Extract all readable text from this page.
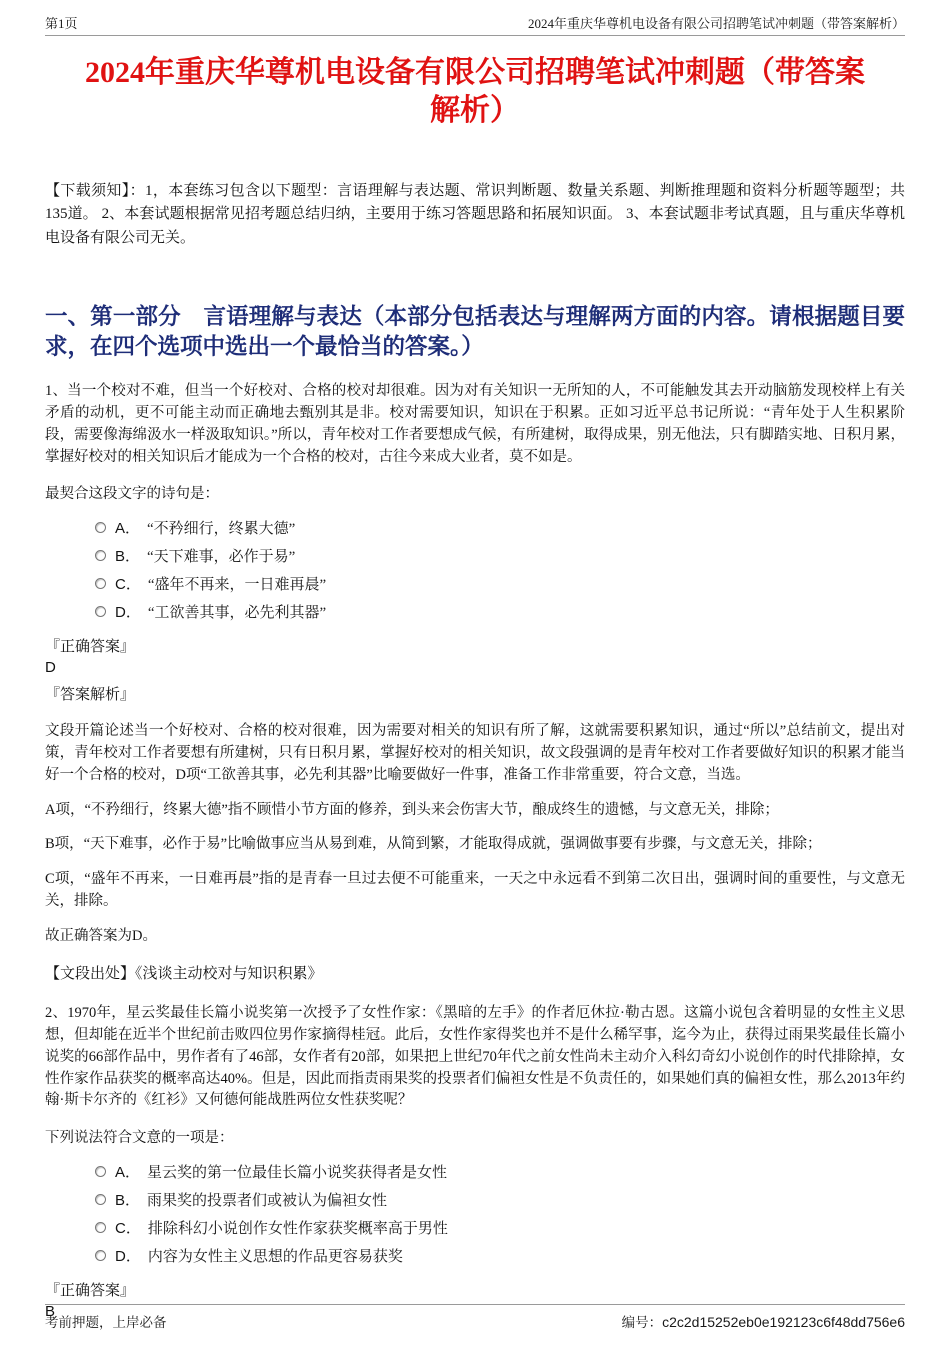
第1页	2024年重庆华尊机电设备有限公司招聘笔试冲刺题（带答案解析）
2024年重庆华尊机电设备有限公司招聘笔试冲刺题（带答案解析）

【下载须知】：1，本套练习包含以下题型：言语理解与表达题、常识判断题、数量关系题、判断推理题和资料分析题等题型；共135道。 2、本套试题根据常见招考题总结归纳，主要用于练习答题思路和拓展知识面。 3、本套试题非考试真题，且与重庆华尊机电设备有限公司无关。

一、第一部分　言语理解与表达（本部分包括表达与理解两方面的内容。请根据题目要求，在四个选项中选出一个最恰当的答案。）

1、当一个校对不难，但当一个好校对、合格的校对却很难。因为对有关知识一无所知的人，不可能触发其去开动脑筋发现校样上有关矛盾的动机，更不可能主动而正确地去甄别其是非。校对需要知识，知识在于积累。正如习近平总书记所说：“青年处于人生积累阶段，需要像海绵汲水一样汲取知识。”所以，青年校对工作者要想成气候，有所建树，取得成果，别无他法，只有脚踏实地、日积月累，掌握好校对的相关知识后才能成为一个合格的校对，古往今来成大业者，莫不如是。

最契合这段文字的诗句是：

A． “不矜细行，终累大德”
B． “天下难事，必作于易”
C． “盛年不再来，一日难再晨”
D． “工欲善其事，必先利其器”

『正确答案』

D

『答案解析』

文段开篇论述当一个好校对、合格的校对很难，因为需要对相关的知识有所了解，这就需要积累知识，通过“所以”总结前文，提出对策，青年校对工作者要想有所建树，只有日积月累，掌握好校对的相关知识，故文段强调的是青年校对工作者要做好知识的积累才能当好一个合格的校对，D项“工欲善其事，必先利其器”比喻要做好一件事，准备工作非常重要，符合文意，当选。

A项，“不矜细行，终累大德”指不顾惜小节方面的修养，到头来会伤害大节，酿成终生的遗憾，与文意无关，排除；

B项，“天下难事，必作于易”比喻做事应当从易到难，从简到繁，才能取得成就，强调做事要有步骤，与文意无关，排除；

C项，“盛年不再来，一日难再晨”指的是青春一旦过去便不可能重来，一天之中永远看不到第二次日出，强调时间的重要性，与文意无关，排除。

故正确答案为D。

【文段出处】《浅谈主动校对与知识积累》

2、1970年，星云奖最佳长篇小说奖第一次授予了女性作家：《黑暗的左手》的作者厄休拉·勒古恩。这篇小说包含着明显的女性主义思想，但却能在近半个世纪前击败四位男作家摘得桂冠。此后，女性作家得奖也并不是什么稀罕事，迄今为止，获得过雨果奖最佳长篇小说奖的66部作品中，男作者有了46部，女作者有20部，如果把上世纪70年代之前女性尚未主动介入科幻奇幻小说创作的时代排除掉，女性作家作品获奖的概率高达40%。但是，因此而指责雨果奖的投票者们偏袒女性是不负责任的，如果她们真的偏袒女性，那么2013年约翰·斯卡尔齐的《红衫》又何德何能战胜两位女性获奖呢？

下列说法符合文意的一项是：

A． 星云奖的第一位最佳长篇小说奖获得者是女性
B． 雨果奖的投票者们或被认为偏袒女性
C． 排除科幻小说创作女性作家获奖概率高于男性
D． 内容为女性主义思想的作品更容易获奖

『正确答案』

B

考前押题，上岸必备	编号：c2c2d15252eb0e192123c6f48dd756e6
